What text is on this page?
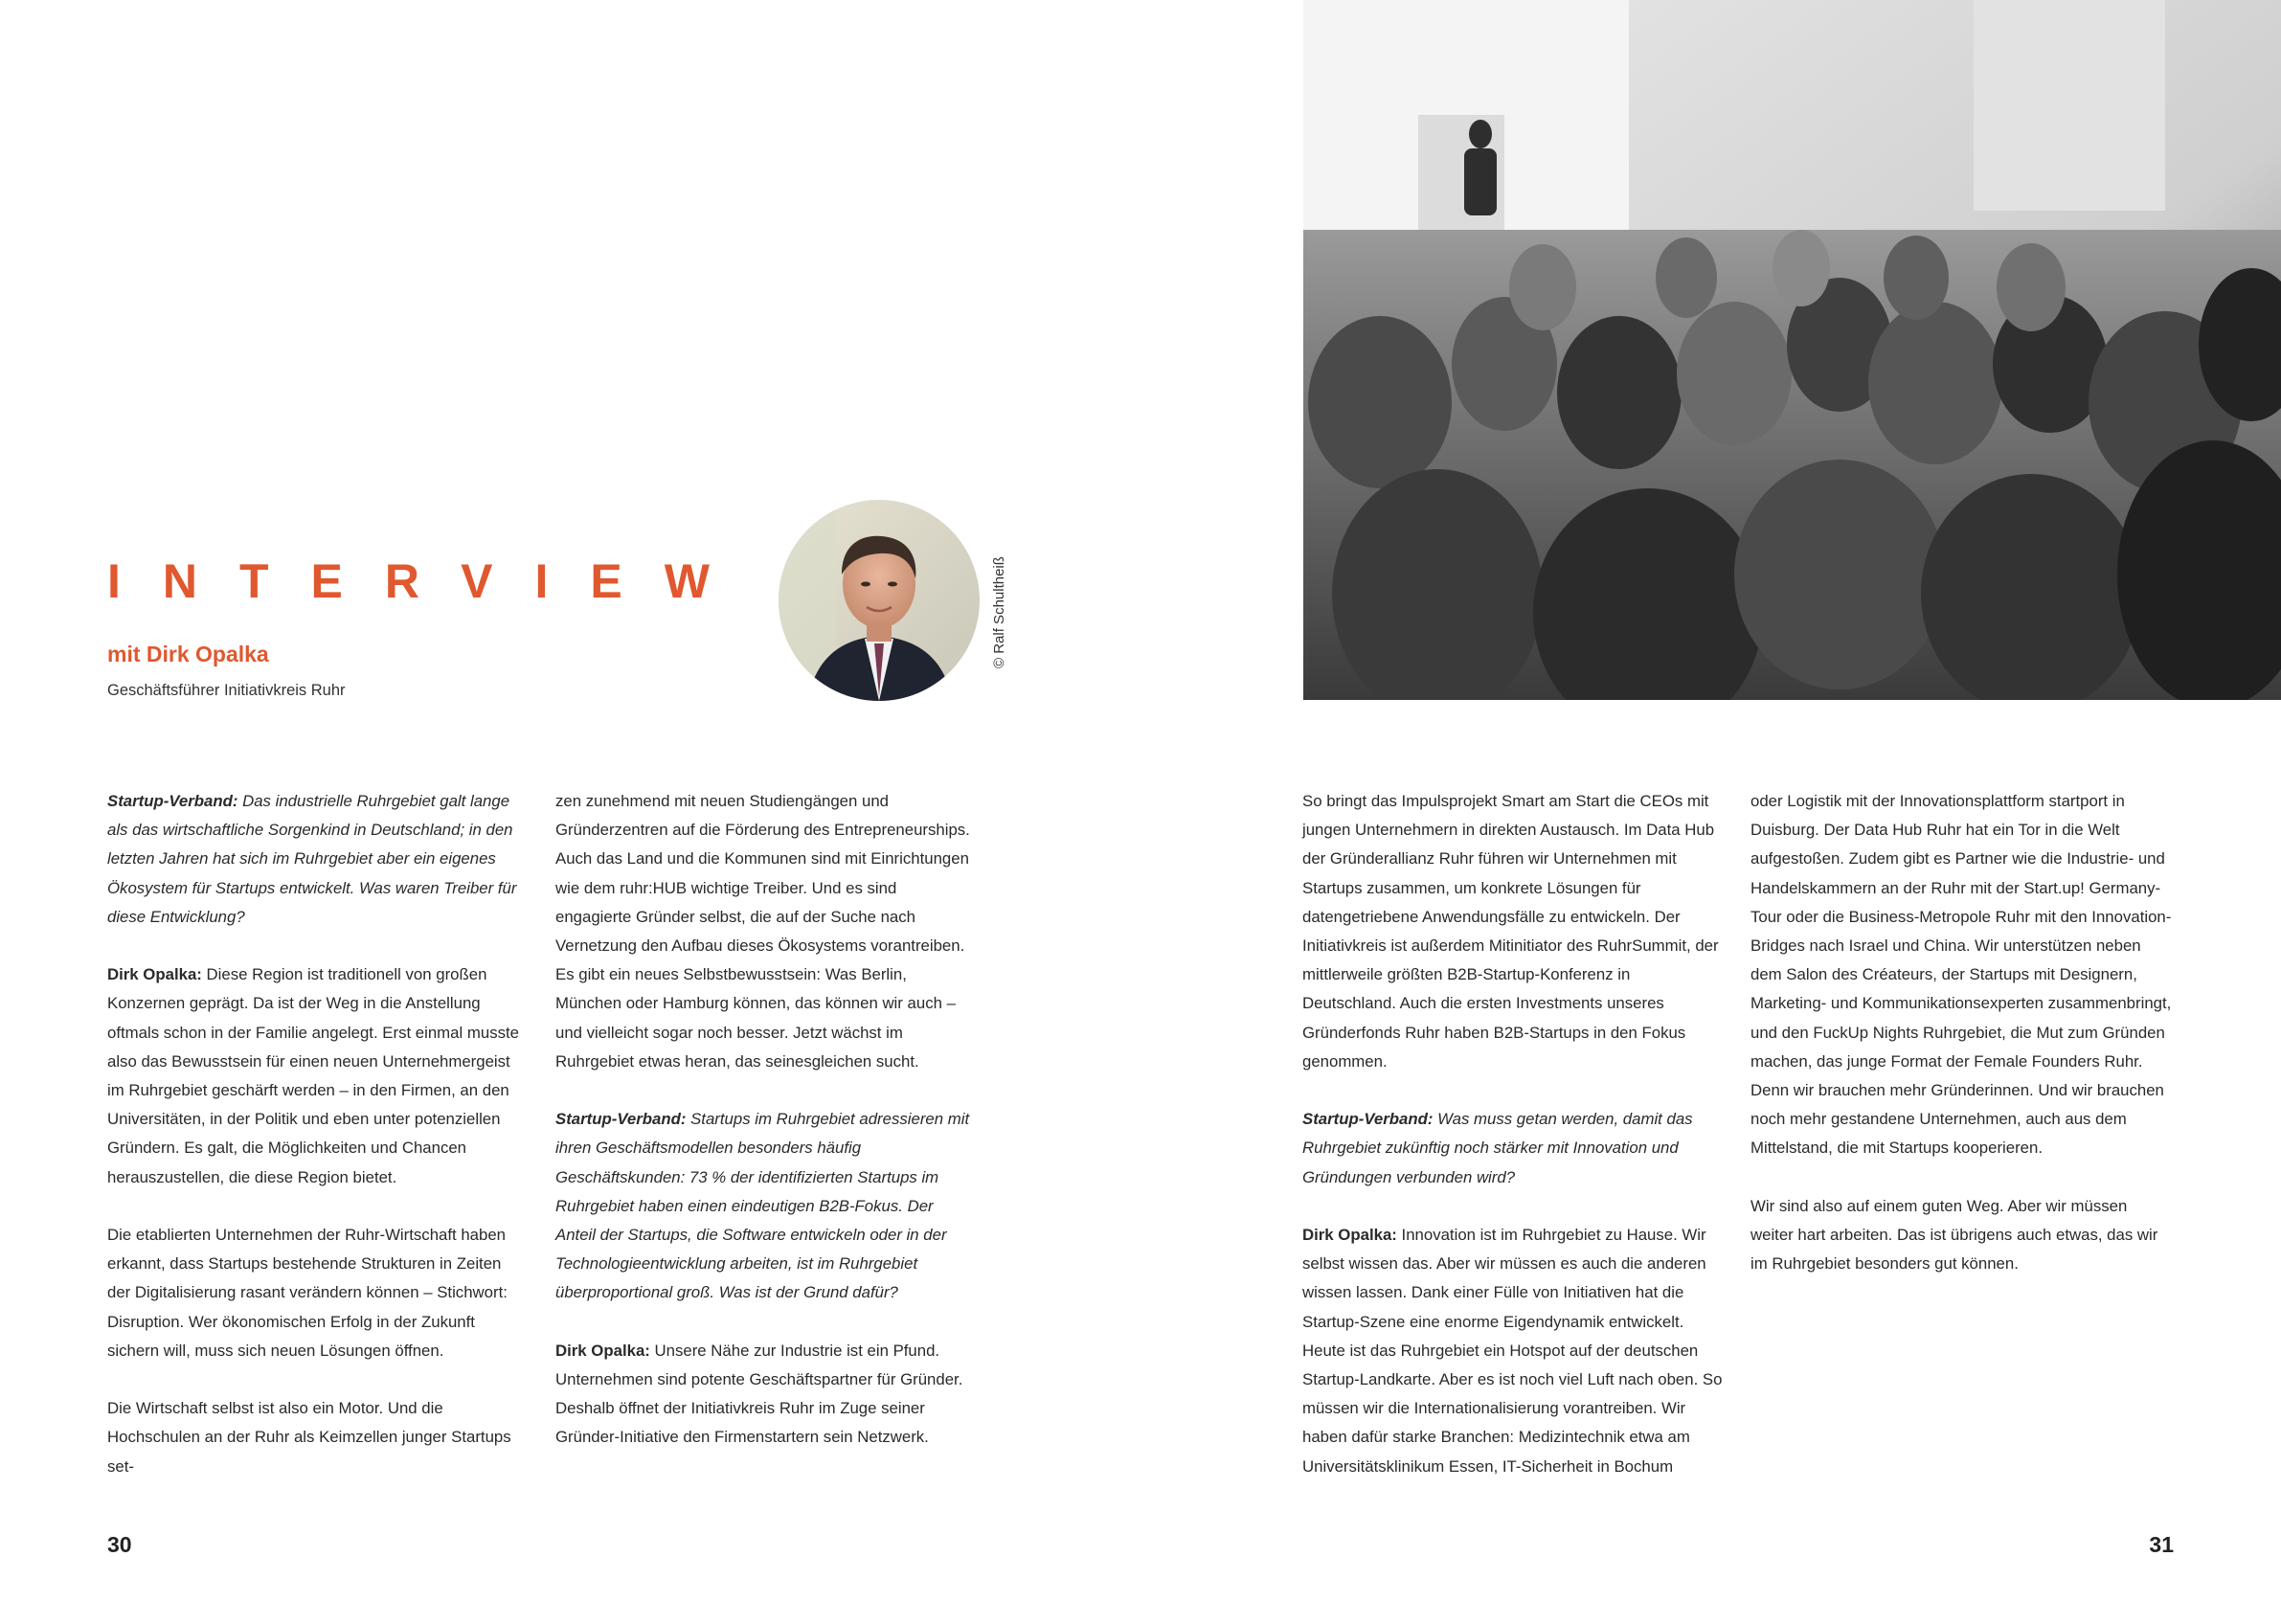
INTERVIEW
mit Dirk Opalka
Geschäftsführer Initiativkreis Ruhr
© Ralf Schultheiß

Startup-Verband: Das industrielle Ruhrgebiet galt lange als das wirtschaftliche Sorgenkind in Deutschland; in den letzten Jahren hat sich im Ruhrgebiet aber ein eigenes Ökosystem für Startups entwickelt. Was waren Treiber für diese Entwicklung?

Dirk Opalka: Diese Region ist traditionell von großen Konzernen geprägt. Da ist der Weg in die Anstellung oftmals schon in der Familie angelegt. Erst einmal musste also das Bewusstsein für einen neuen Unternehmergeist im Ruhrgebiet geschärft werden – in den Firmen, an den Universitäten, in der Politik und eben unter potenziellen Gründern. Es galt, die Möglichkeiten und Chancen herauszustellen, die diese Region bietet.

Die etablierten Unternehmen der Ruhr-Wirtschaft haben erkannt, dass Startups bestehende Strukturen in Zeiten der Digitalisierung rasant verändern können – Stichwort: Disruption. Wer ökonomischen Erfolg in der Zukunft sichern will, muss sich neuen Lösungen öffnen.

Die Wirtschaft selbst ist also ein Motor. Und die Hochschulen an der Ruhr als Keimzellen junger Startups set-

zen zunehmend mit neuen Studiengängen und Gründerzentren auf die Förderung des Entrepreneurships. Auch das Land und die Kommunen sind mit Einrichtungen wie dem ruhr:HUB wichtige Treiber. Und es sind engagierte Gründer selbst, die auf der Suche nach Vernetzung den Aufbau dieses Ökosystems vorantreiben. Es gibt ein neues Selbstbewusstsein: Was Berlin, München oder Hamburg können, das können wir auch – und vielleicht sogar noch besser. Jetzt wächst im Ruhrgebiet etwas heran, das seinesgleichen sucht.

Startup-Verband: Startups im Ruhrgebiet adressieren mit ihren Geschäftsmodellen besonders häufig Geschäftskunden: 73 % der identifizierten Startups im Ruhrgebiet haben einen eindeutigen B2B-Fokus. Der Anteil der Startups, die Software entwickeln oder in der Technologieentwicklung arbeiten, ist im Ruhrgebiet überproportional groß. Was ist der Grund dafür?

Dirk Opalka: Unsere Nähe zur Industrie ist ein Pfund. Unternehmen sind potente Geschäftspartner für Gründer. Deshalb öffnet der Initiativkreis Ruhr im Zuge seiner Gründer-Initiative den Firmenstartern sein Netzwerk.

30

So bringt das Impulsprojekt Smart am Start die CEOs mit jungen Unternehmern in direkten Austausch. Im Data Hub der Gründerallianz Ruhr führen wir Unternehmen mit Startups zusammen, um konkrete Lösungen für datengetriebene Anwendungsfälle zu entwickeln. Der Initiativkreis ist außerdem Mitinitiator des RuhrSummit, der mittlerweile größten B2B-Startup-Konferenz in Deutschland. Auch die ersten Investments unseres Gründerfonds Ruhr haben B2B-Startups in den Fokus genommen.

Startup-Verband: Was muss getan werden, damit das Ruhrgebiet zukünftig noch stärker mit Innovation und Gründungen verbunden wird?

Dirk Opalka: Innovation ist im Ruhrgebiet zu Hause. Wir selbst wissen das. Aber wir müssen es auch die anderen wissen lassen. Dank einer Fülle von Initiativen hat die Startup-Szene eine enorme Eigendynamik entwickelt. Heute ist das Ruhrgebiet ein Hotspot auf der deutschen Startup-Landkarte. Aber es ist noch viel Luft nach oben. So müssen wir die Internationalisierung vorantreiben. Wir haben dafür starke Branchen: Medizintechnik etwa am Universitätsklinikum Essen, IT-Sicherheit in Bochum

oder Logistik mit der Innovationsplattform startport in Duisburg. Der Data Hub Ruhr hat ein Tor in die Welt aufgestoßen. Zudem gibt es Partner wie die Industrie- und Handelskammern an der Ruhr mit der Start.up! Germany-Tour oder die Business-Metropole Ruhr mit den Innovation-Bridges nach Israel und China. Wir unterstützen neben dem Salon des Créateurs, der Startups mit Designern, Marketing- und Kommunikationsexperten zusammenbringt, und den FuckUp Nights Ruhrgebiet, die Mut zum Gründen machen, das junge Format der Female Founders Ruhr. Denn wir brauchen mehr Gründerinnen. Und wir brauchen noch mehr gestandene Unternehmen, auch aus dem Mittelstand, die mit Startups kooperieren.

Wir sind also auf einem guten Weg. Aber wir müssen weiter hart arbeiten. Das ist übrigens auch etwas, das wir im Ruhrgebiet besonders gut können.

31
